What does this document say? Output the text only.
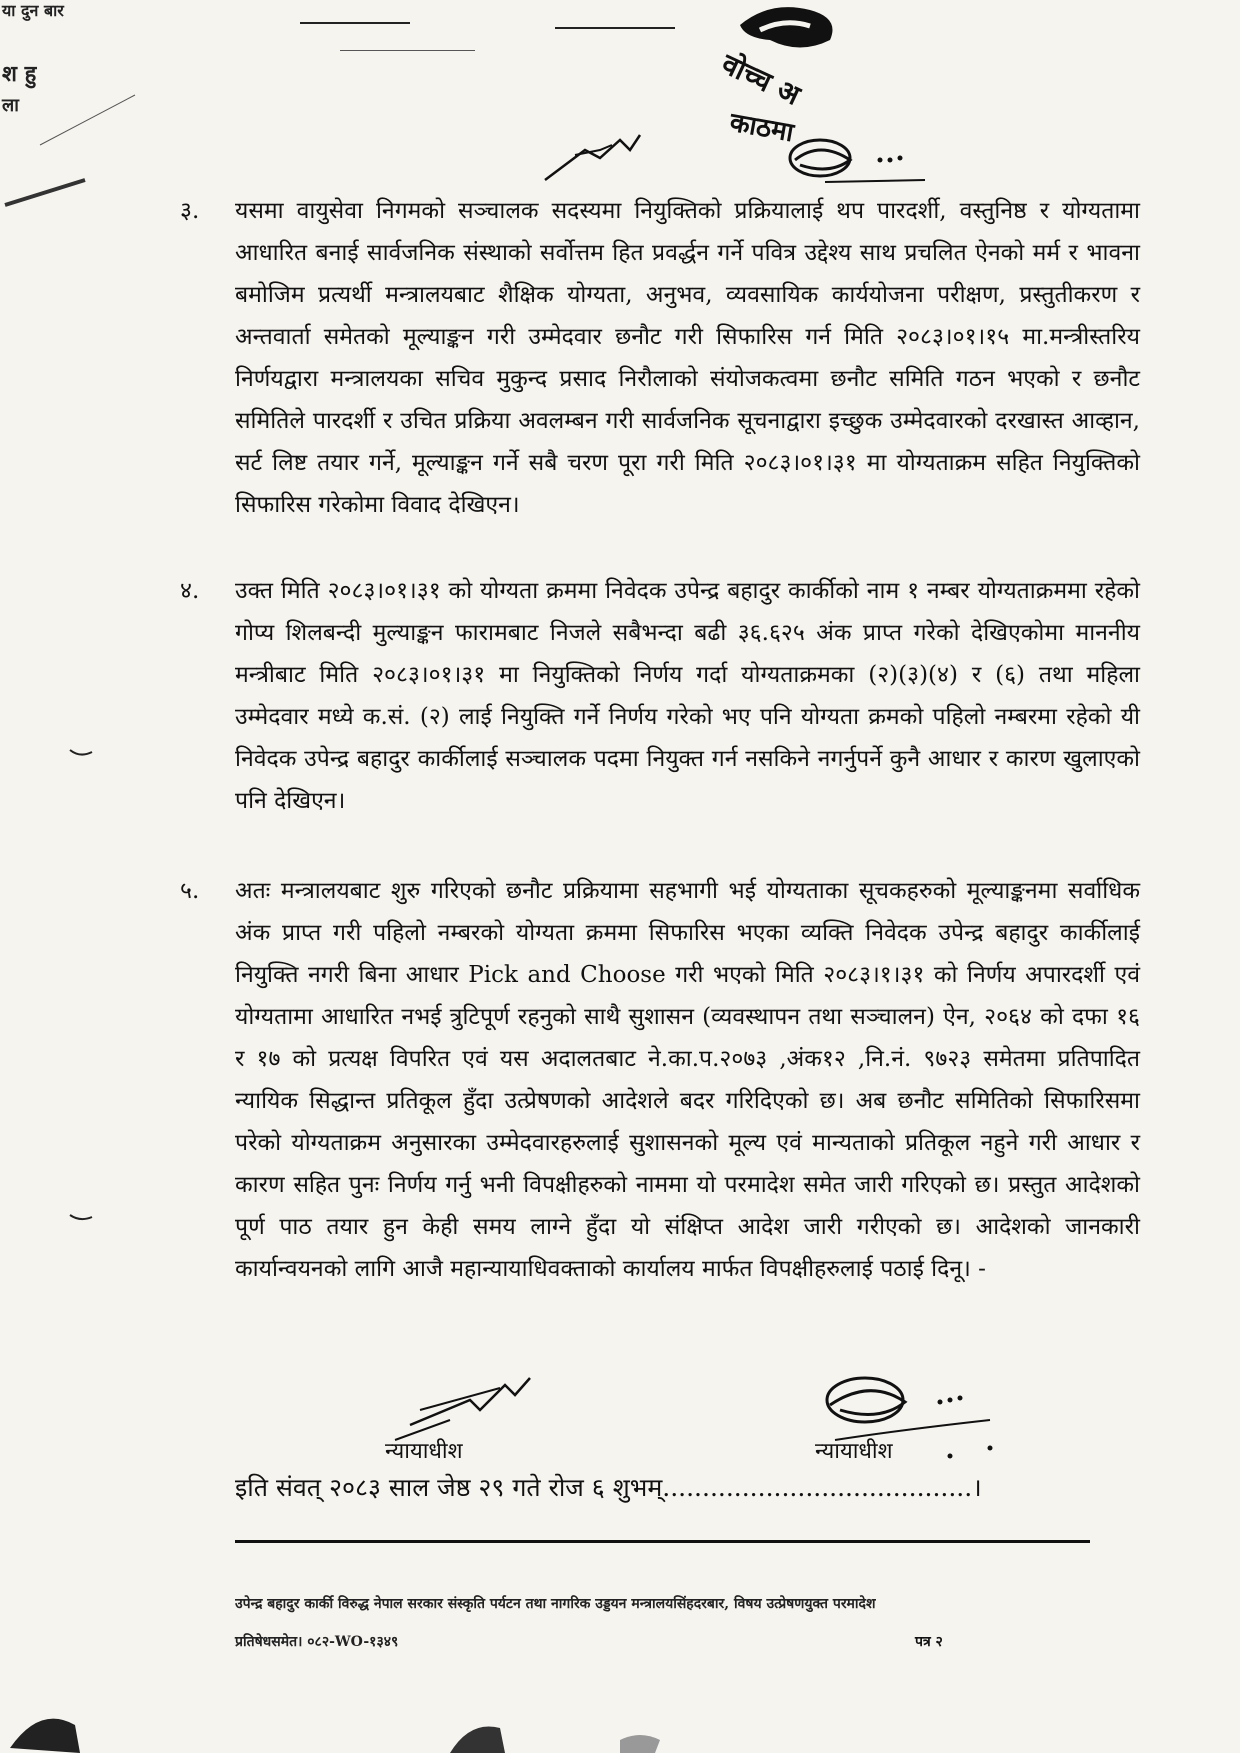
या दुन बार
श हु
ला	वोच्च अ
काठमा
३.	यसमा वायुसेवा निगमको सञ्चालक सदस्यमा नियुक्तिको प्रक्रियालाई थप पारदर्शी, वस्तुनिष्ठ र योग्यतामा आधारित बनाई सार्वजनिक संस्थाको सर्वोत्तम हित प्रवर्द्धन गर्ने पवित्र उद्देश्य साथ प्रचलित ऐनको मर्म र भावना बमोजिम प्रत्यर्थी मन्त्रालयबाट शैक्षिक योग्यता, अनुभव, व्यवसायिक कार्ययोजना परीक्षण, प्रस्तुतीकरण र अन्तवार्ता समेतको मूल्याङ्कन गरी उम्मेदवार छनौट गरी सिफारिस गर्न मिति २०८३।०१।१५ मा.मन्त्रीस्तरिय निर्णयद्वारा मन्त्रालयका सचिव मुकुन्द प्रसाद निरौलाको संयोजकत्वमा छनौट समिति गठन भएको र छनौट समितिले पारदर्शी र उचित प्रक्रिया अवलम्बन गरी सार्वजनिक सूचनाद्वारा इच्छुक उम्मेदवारको दरखास्त आव्हान, सर्ट लिष्ट तयार गर्ने, मूल्याङ्कन गर्ने सबै चरण पूरा गरी मिति २०८३।०१।३१ मा योग्यताक्रम सहित नियुक्तिको सिफारिस गरेकोमा विवाद देखिएन।
४.	उक्त मिति २०८३।०१।३१ को योग्यता क्रममा निवेदक उपेन्द्र बहादुर कार्कीको नाम १ नम्बर योग्यताक्रममा रहेको गोप्य शिलबन्दी मुल्याङ्कन फारामबाट निजले सबैभन्दा बढी ३६.६२५ अंक प्राप्त गरेको देखिएकोमा माननीय मन्त्रीबाट मिति २०८३।०१।३१ मा नियुक्तिको निर्णय गर्दा योग्यताक्रमका (२)(३)(४) र (६) तथा महिला उम्मेदवार मध्ये क.सं. (२) लाई नियुक्ति गर्ने निर्णय गरेको भए पनि योग्यता क्रमको पहिलो नम्बरमा रहेको यी निवेदक उपेन्द्र बहादुर कार्कीलाई सञ्चालक पदमा नियुक्त गर्न नसकिने नगर्नुपर्ने कुनै आधार र कारण खुलाएको पनि देखिएन।
५.	अतः मन्त्रालयबाट शुरु गरिएको छनौट प्रक्रियामा सहभागी भई योग्यताका सूचकहरुको मूल्याङ्कनमा सर्वाधिक अंक प्राप्त गरी पहिलो नम्बरको योग्यता क्रममा सिफारिस भएका व्यक्ति निवेदक उपेन्द्र बहादुर कार्कीलाई नियुक्ति नगरी बिना आधार Pick and Choose गरी भएको मिति २०८३।१।३१ को निर्णय अपारदर्शी एवं योग्यतामा आधारित नभई त्रुटिपूर्ण रहनुको साथै सुशासन (व्यवस्थापन तथा सञ्चालन) ऐन, २०६४ को दफा १६ र १७ को प्रत्यक्ष विपरित एवं यस अदालतबाट ने.का.प.२०७३ ,अंक१२ ,नि.नं. ९७२३ समेतमा प्रतिपादित न्यायिक सिद्धान्त प्रतिकूल हुँदा उत्प्रेषणको आदेशले बदर गरिदिएको छ। अब छनौट समितिको सिफारिसमा परेको योग्यताक्रम अनुसारका उम्मेदवारहरुलाई सुशासनको मूल्य एवं मान्यताको प्रतिकूल नहुने गरी आधार र कारण सहित पुनः निर्णय गर्नु भनी विपक्षीहरुको नाममा यो परमादेश समेत जारी गरिएको छ। प्रस्तुत आदेशको पूर्ण पाठ तयार हुन केही समय लाग्ने हुँदा यो संक्षिप्त आदेश जारी गरीएको छ। आदेशको जानकारी कार्यान्वयनको लागि आजै महान्यायाधिवक्ताको कार्यालय मार्फत विपक्षीहरुलाई पठाई दिनू। -
न्यायाधीश	न्यायाधीश
इति संवत् २०८३ साल जेष्ठ २९ गते रोज ६ शुभम्.......................................।
उपेन्द्र बहादुर कार्की विरुद्ध नेपाल सरकार संस्कृति पर्यटन तथा नागरिक उड्डयन मन्त्रालयसिंहदरबार, विषय उत्प्रेषणयुक्त परमादेश
प्रतिषेधसमेत। ०८२-WO-१३४९	पत्र २
